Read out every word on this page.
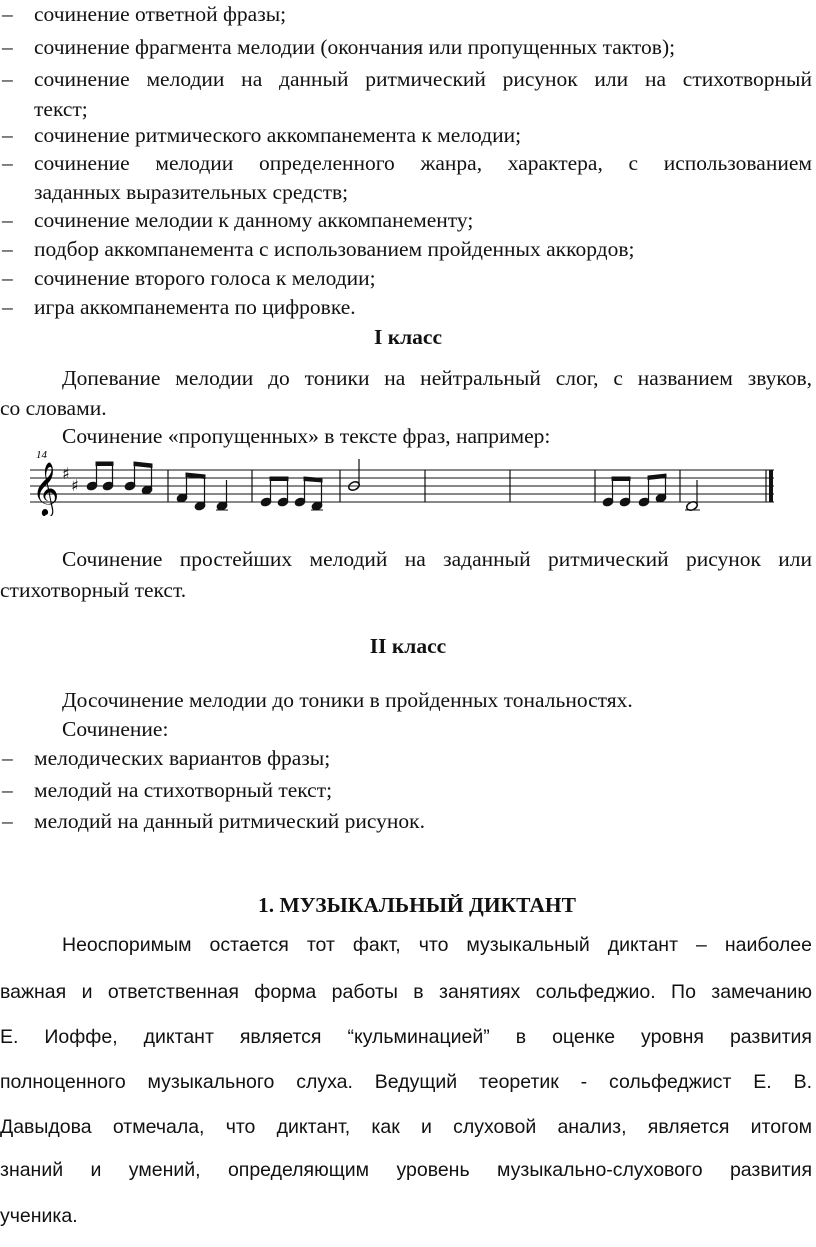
– сочинение ответной фразы;
– сочинение фрагмента мелодии (окончания или пропущенных тактов);
– сочинение мелодии на данный ритмический рисунок или на стихотворный
текст;
– сочинение ритмического аккомпанемента к мелодии;
– сочинение мелодии определенного жанра, характера, с использованием
заданных выразительных средств;
– сочинение мелодии к данному аккомпанементу;
– подбор аккомпанемента с использованием пройденных аккордов;
– сочинение второго голоса к мелодии;
– игра аккомпанемента по цифровке.
I класс
Допевание мелодии до тоники на нейтральный слог, с названием звуков,
со словами.
Сочинение «пропущенных» в тексте фраз, например:
14
𝄞 ♯
♯
Сочинение простейших мелодий на заданный ритмический рисунок или
стихотворный текст.
II класс
Досочинение мелодии до тоники в пройденных тональностях.
Сочинение:
– мелодических вариантов фразы;
– мелодий на стихотворный текст;
– мелодий на данный ритмический рисунок.
1. МУЗЫКАЛЬНЫЙ ДИКТАНТ
Неоспоримым остается тот факт, что музыкальный диктант – наиболее
важная и ответственная форма работы в занятиях сольфеджио. По замечанию
Е. Иоффе, диктант является “кульминацией” в оценке уровня развития
полноценного музыкального слуха. Ведущий теоретик - сольфеджист Е. В.
Давыдова отмечала, что диктант, как и слуховой анализ, является итогом
знаний и умений, определяющим уровень музыкально-слухового развития
ученика.
